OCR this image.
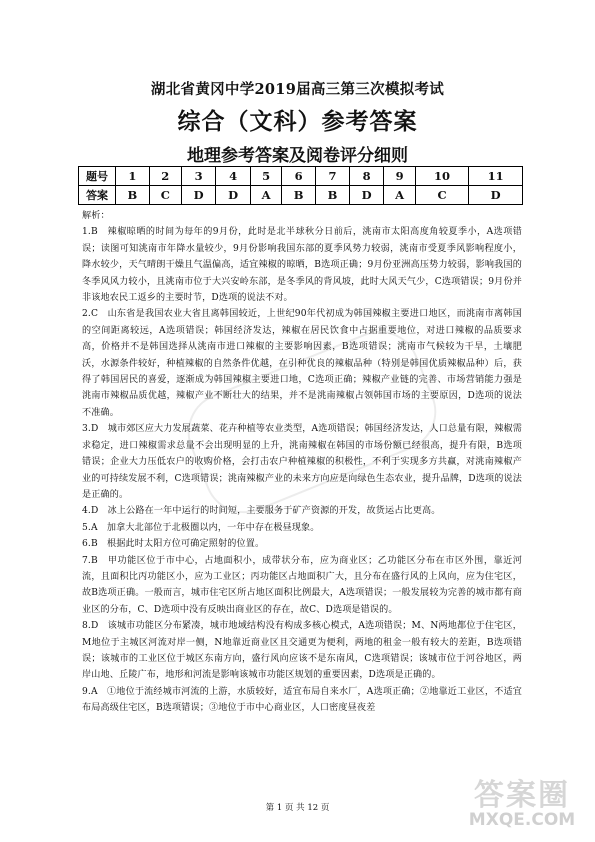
湖北省黄冈中学2019届高三第三次模拟考试
综合（文科）参考答案
地理参考答案及阅卷评分细则
题号	1	2	3	4	5	6	7	8	9	10	11
答案	B	C	D	D	A	B	B	D	A	C	D

解析：

1.B　辣椒晾晒的时间为每年的9月份，此时是北半球秋分日前后，洮南市太阳高度角较夏季小，A选项错误；读图可知洮南市年降水量较少，9月份影响我国东部的夏季风势力较弱，洮南市受夏季风影响程度小，降水较少，天气晴朗干燥且气温偏高，适宜辣椒的晾晒，B选项正确；9月份亚洲高压势力较弱，影响我国的冬季风风力较小，且洮南市位于大兴安岭东部，是冬季风的背风坡，此时大风天气少，C选项错误；9月份并非该地农民工返乡的主要时节，D选项的说法不对。

2.C　山东省是我国农业大省且离韩国较近，上世纪90年代初成为韩国辣椒主要进口地区，而洮南市离韩国的空间距离较远，A选项错误；韩国经济发达，辣椒在居民饮食中占据重要地位，对进口辣椒的品质要求高，价格并不是韩国选择从洮南市进口辣椒的主要影响因素，B选项错误；洮南市气候较为干旱，土壤肥沃，水源条件较好，种植辣椒的自然条件优越，在引种优良的辣椒品种（特别是韩国优质辣椒品种）后，获得了韩国居民的喜爱，逐渐成为韩国辣椒主要进口地，C选项正确；辣椒产业链的完善、市场营销能力强是洮南市辣椒品质优越，辣椒产业不断壮大的结果，并不是洮南辣椒占领韩国市场的主要原因，D选项的说法不准确。

3.D　城市郊区应大力发展蔬菜、花卉种植等农业类型，A选项错误；韩国经济发达，人口总量有限，辣椒需求稳定，进口辣椒需求总量不会出现明显的上升，洮南辣椒在韩国的市场份额已经很高，提升有限，B选项错误；企业大力压低农户的收购价格，会打击农户种植辣椒的积极性，不利于实现多方共赢，对洮南辣椒产业的可持续发展不利，C选项错误；洮南辣椒产业的未来方向应是向绿色生态农业，提升品牌，D选项的说法是正确的。

4.D　冰上公路在一年中运行的时间短，主要服务于矿产资源的开发，故货运占比更高。

5.A　加拿大北部位于北极圈以内，一年中存在极昼现象。

6.B　根据此时太阳方位可确定照射的位置。

7.B　甲功能区位于市中心，占地面积小，成带状分布，应为商业区；乙功能区分布在市区外围，靠近河流，且面积比丙功能区小，应为工业区；丙功能区占地面积广大，且分布在盛行风的上风向，应为住宅区，故B选项正确。一般而言，城市住宅区所占地区面积比例最大，A选项错误；一般发展较为完善的城市都有商业区的分布，C、D选项中没有反映出商业区的存在，故C、D选项是错误的。

8.D　该城市功能区分布紧凑，城市地域结构没有构成多核心模式，A选项错误；M、N两地都位于住宅区，M地位于主城区河流对岸一侧，N地靠近商业区且交通更为便利，两地的租金一般有较大的差距，B选项错误；该城市的工业区位于城区东南方向，盛行风向应该不是东南风，C选项错误；该城市位于河谷地区，两岸山地、丘陵广布，地形和河流是影响该城市功能区规划的重要因素，D选项是正确的。

9.A　①地位于流经城市河流的上游，水质较好，适宜布局自来水厂，A选项正确；②地靠近工业区，不适宜布局高级住宅区，B选项错误；③地位于市中心商业区，人口密度昼夜差

第 1 页 共 12 页	答案圈
MXQE.COM
